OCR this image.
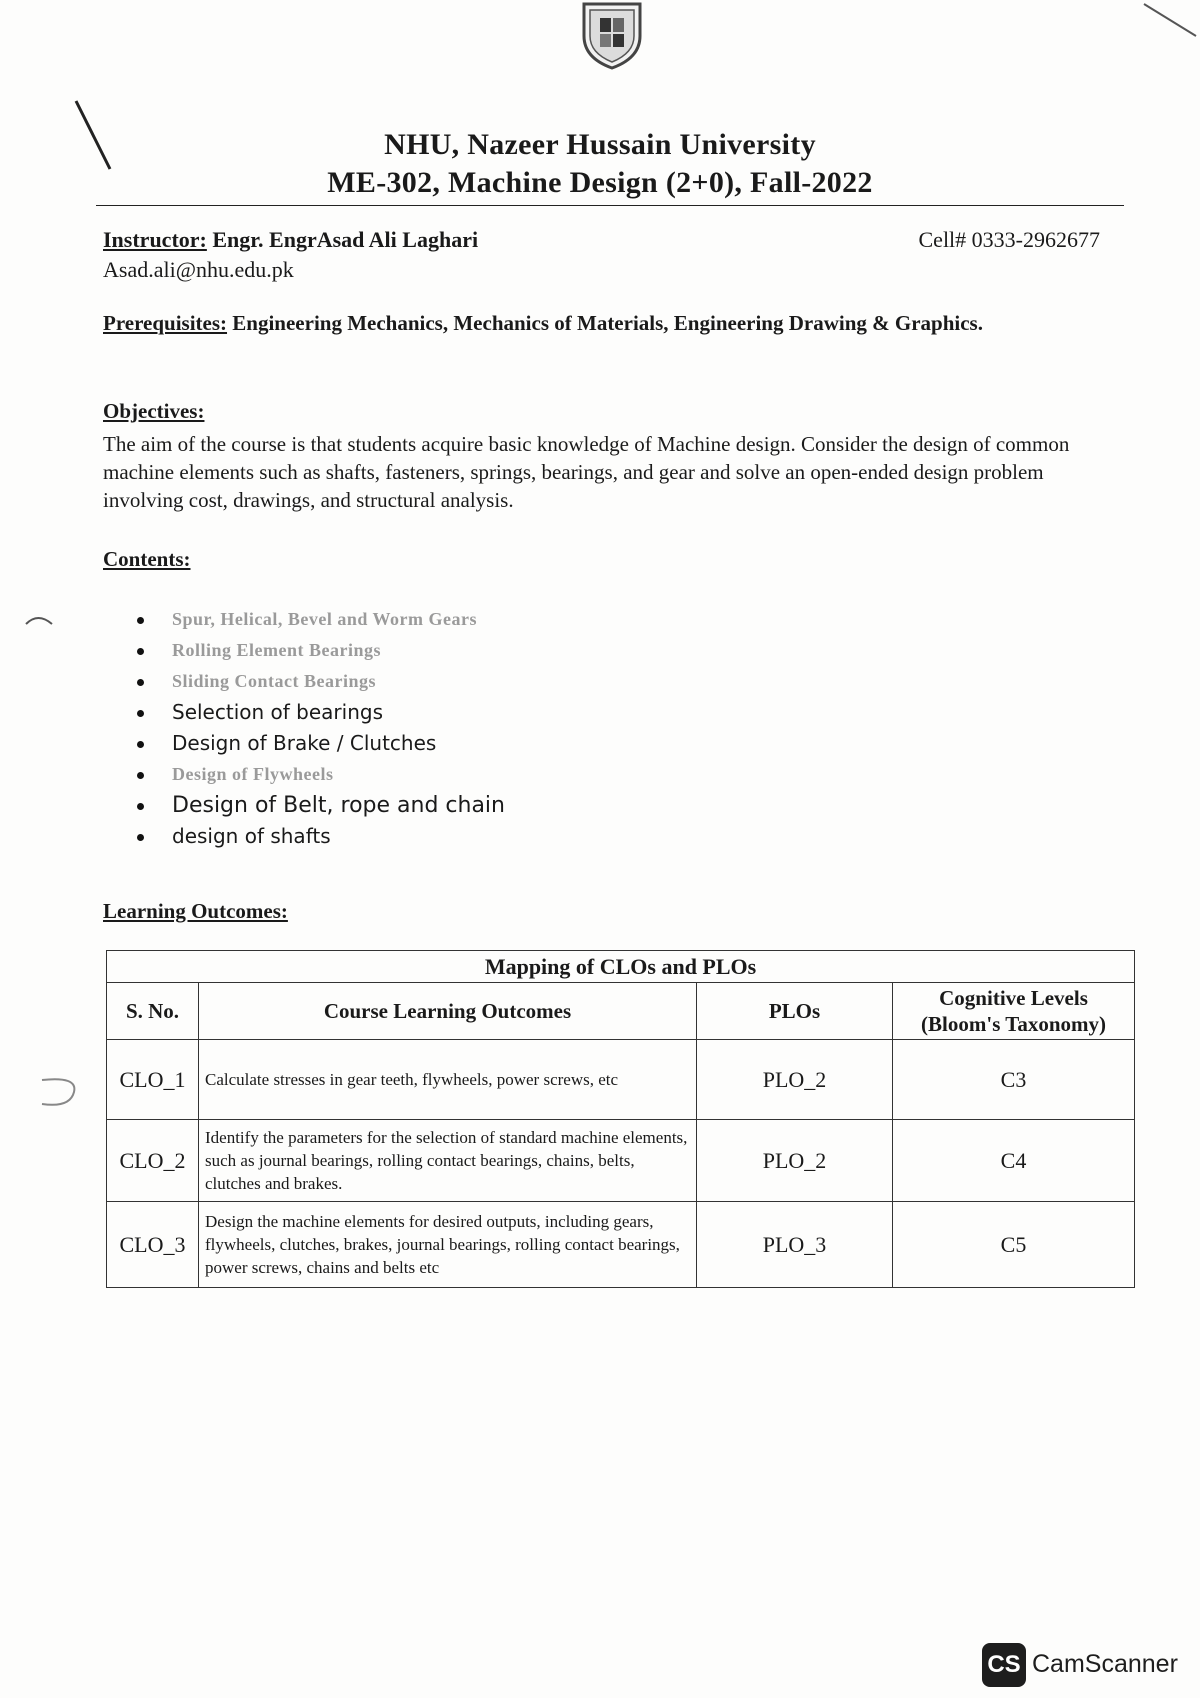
NHU, Nazeer Hussain University
ME-302, Machine Design (2+0), Fall-2022
Instructor: Engr. EngrAsad Ali Laghari	Cell# 0333-2962677
Asad.ali@nhu.edu.pk
Prerequisites: Engineering Mechanics, Mechanics of Materials, Engineering Drawing & Graphics.
Objectives:
The aim of the course is that students acquire basic knowledge of Machine design. Consider the design of common machine elements such as shafts, fasteners, springs, bearings, and gear and solve an open-ended design problem involving cost, drawings, and structural analysis.
Contents:
Spur, Helical, Bevel and Worm Gears
Rolling Element Bearings
Sliding Contact Bearings
Selection of bearings
Design of Brake / Clutches
Design of Flywheels
Design of Belt, rope and chain
design of shafts
Learning Outcomes:
Mapping of CLOs and PLOs			
S. No.	Course Learning Outcomes	PLOs	Cognitive Levels
(Bloom's Taxonomy)

CLO_1	Calculate stresses in gear teeth, flywheels, power screws, etc	PLO_2	C3
CLO_2	Identify the parameters for the selection of standard machine elements, such as journal bearings, rolling contact bearings, chains, belts, clutches and brakes.	PLO_2	C4
CLO_3	Design the machine elements for desired outputs, including gears, flywheels, clutches, brakes, journal bearings, rolling contact bearings, power screws, chains and belts etc	PLO_3	C5
CS CamScanner
